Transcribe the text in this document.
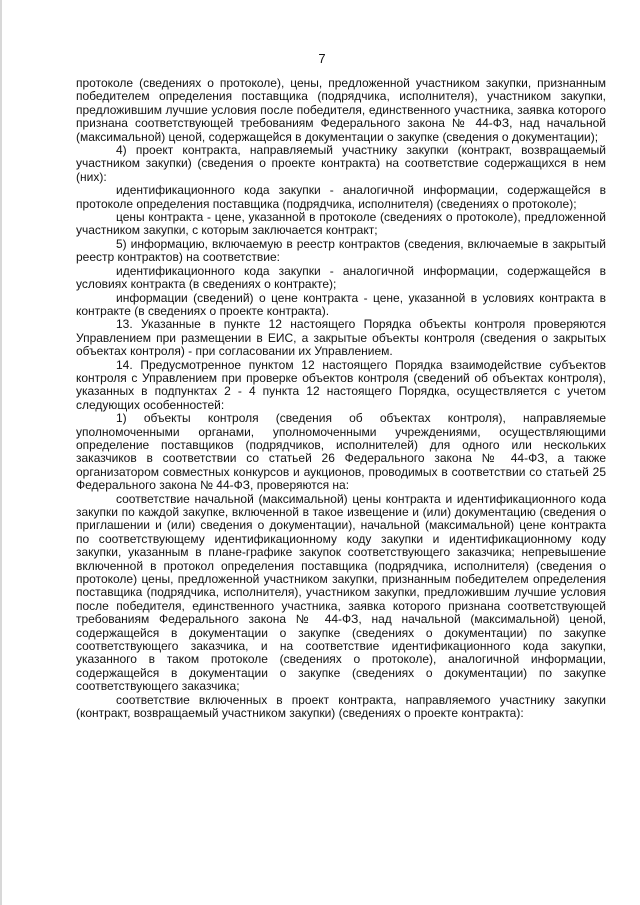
7

протоколе (сведениях о протоколе), цены, предложенной участником закупки, признанным победителем определения поставщика (подрядчика, исполнителя), участником закупки, предложившим лучшие условия после победителя, единственного участника, заявка которого признана соответствующей требованиям Федерального закона № 44-ФЗ, над начальной (максимальной) ценой, содержащейся в документации о закупке (сведения о документации);

4) проект контракта, направляемый участнику закупки (контракт, возвращаемый участником закупки) (сведения о проекте контракта) на соответствие содержащихся в нем (них):

идентификационного кода закупки - аналогичной информации, содержащейся в протоколе определения поставщика (подрядчика, исполнителя) (сведениях о протоколе);

цены контракта - цене, указанной в протоколе (сведениях о протоколе), предложенной участником закупки, с которым заключается контракт;

5) информацию, включаемую в реестр контрактов (сведения, включаемые в закрытый реестр контрактов) на соответствие:

идентификационного кода закупки - аналогичной информации, содержащейся в условиях контракта (в сведениях о контракте);

информации (сведений) о цене контракта - цене, указанной в условиях контракта в контракте (в сведениях о проекте контракта).

13. Указанные в пункте 12 настоящего Порядка объекты контроля проверяются Управлением при размещении в ЕИС, а закрытые объекты контроля (сведения о закрытых объектах контроля) - при согласовании их Управлением.

14. Предусмотренное пунктом 12 настоящего Порядка взаимодействие субъектов контроля с Управлением при проверке объектов контроля (сведений об объектах контроля), указанных в подпунктах 2 - 4 пункта 12 настоящего Порядка, осуществляется с учетом следующих особенностей:

1) объекты контроля (сведения об объектах контроля), направляемые уполномоченными органами, уполномоченными учреждениями, осуществляющими определение поставщиков (подрядчиков, исполнителей) для одного или нескольких заказчиков в соответствии со статьей 26 Федерального закона № 44-ФЗ, а также организатором совместных конкурсов и аукционов, проводимых в соответствии со статьей 25 Федерального закона № 44-ФЗ, проверяются на:

соответствие начальной (максимальной) цены контракта и идентификационного кода закупки по каждой закупке, включенной в такое извещение и (или) документацию (сведения о приглашении и (или) сведения о документации), начальной (максимальной) цене контракта по соответствующему идентификационному коду закупки и идентификационному коду закупки, указанным в плане-графике закупок соответствующего заказчика; непревышение включенной в протокол определения поставщика (подрядчика, исполнителя) (сведения о протоколе) цены, предложенной участником закупки, признанным победителем определения поставщика (подрядчика, исполнителя), участником закупки, предложившим лучшие условия после победителя, единственного участника, заявка которого признана соответствующей требованиям Федерального закона № 44-ФЗ, над начальной (максимальной) ценой, содержащейся в документации о закупке (сведениях о документации) по закупке соответствующего заказчика, и на соответствие идентификационного кода закупки, указанного в таком протоколе (сведениях о протоколе), аналогичной информации, содержащейся в документации о закупке (сведениях о документации) по закупке соответствующего заказчика;

соответствие включенных в проект контракта, направляемого участнику закупки (контракт, возвращаемый участником закупки) (сведениях о проекте контракта):
